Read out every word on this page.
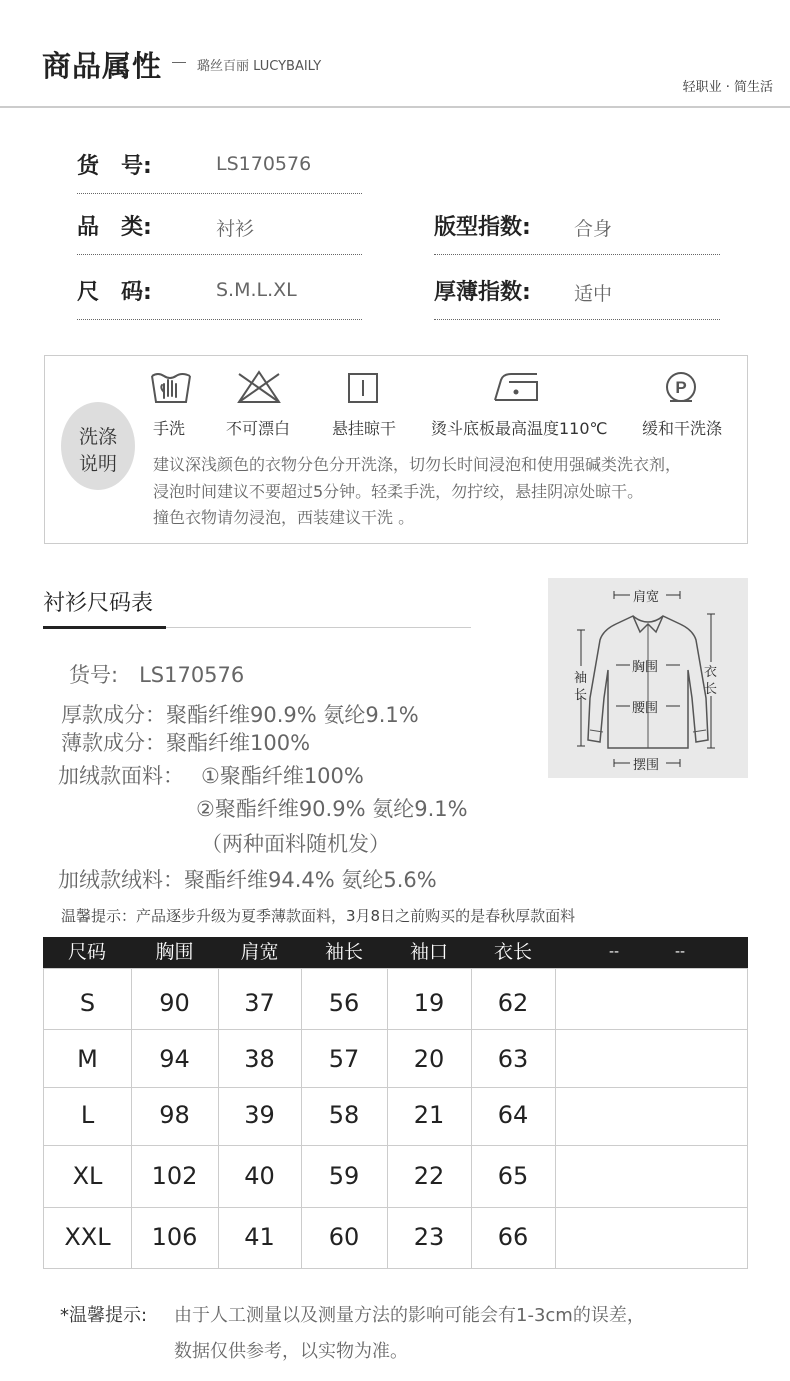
商品属性	璐丝百丽 LUCYBAILY
轻职业 · 简生活
货　号:	LS170576
品　类:	衬衫	版型指数: 合身
尺　码:	S.M.L.XL	厚薄指数: 适中
洗涤
说明
P
手洗	不可漂白	悬挂晾干 烫斗底板最高温度110℃ 缓和干洗涤
建议深浅颜色的衣物分色分开洗涤，切勿长时间浸泡和使用强碱类洗衣剂，
浸泡时间建议不要超过5分钟。轻柔手洗，勿拧绞，悬挂阴凉处晾干。
撞色衣物请勿浸泡，西装建议干洗 。
衬衫尺码表	肩宽
胸围
腰围
摆围
袖
长
衣
长
货号:　LS170576
厚款成分：聚酯纤维90.9% 氨纶9.1%
薄款成分：聚酯纤维100%
加绒款面料： ①聚酯纤维100%
②聚酯纤维90.9% 氨纶9.1%
（两种面料随机发）
加绒款绒料：聚酯纤维94.4% 氨纶5.6%
温馨提示：产品逐步升级为夏季薄款面料，3月8日之前购买的是春秋厚款面料
尺码	胸围	肩宽	袖长	袖口	衣长	--	--
S	90	37	56	19	62
M	94	38	57	20	63
L	98	39	58	21	64
XL	102	40	59	22	65
XXL	106	41	60	23	66
*温馨提示: 由于人工测量以及测量方法的影响可能会有1-3cm的误差，
数据仅供参考，以实物为准。
